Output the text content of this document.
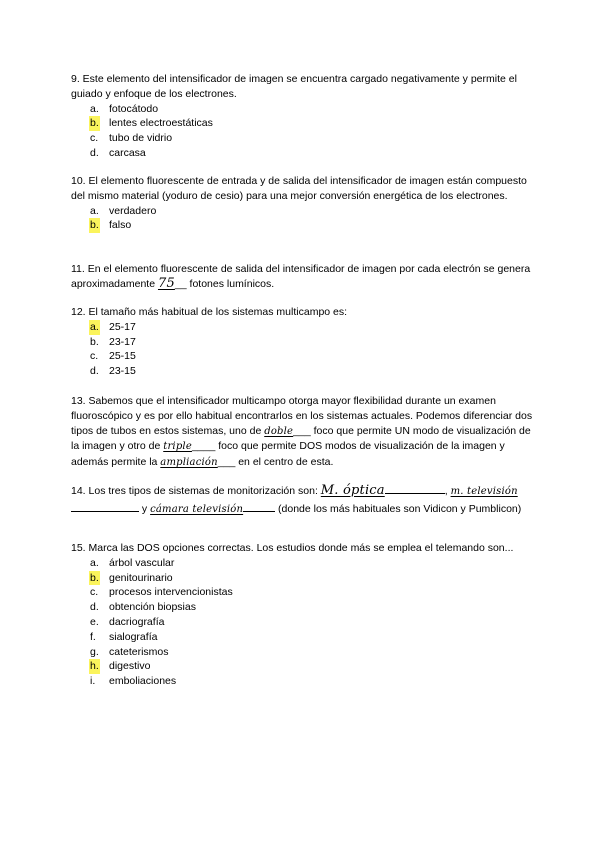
9. Este elemento del intensificador de imagen se encuentra cargado negativamente y permite el guiado y enfoque de los electrones.

a. fotocátodo
b. lentes electroestáticas
c. tubo de vidrio
d. carcasa

10. El elemento fluorescente de entrada y de salida del intensificador de imagen están compuesto del mismo material (yoduro de cesio) para una mejor conversión energética de los electrones.

a. verdadero
b. falso

11. En el elemento fluorescente de salida del intensificador de imagen por cada electrón se genera aproximadamente 75__ fotones lumínicos.

12. El tamaño más habitual de los sistemas multicampo es:

a. 25-17
b. 23-17
c. 25-15
d. 23-15

13. Sabemos que el intensificador multicampo otorga mayor flexibilidad durante un examen fluoroscópico y es por ello habitual encontrarlos en los sistemas actuales. Podemos diferenciar dos tipos de tubos en estos sistemas, uno de doble___ foco que permite UN modo de visualización de la imagen y otro de triple____ foco que permite DOS modos de visualización de la imagen y además permite la ampliación___ en el centro de esta.

14. Los tres tipos de sistemas de monitorización son: M. óptica	, m. televisión y cámara televisión	(donde los más habituales son Vidicon y Pumblicon)

15. Marca las DOS opciones correctas. Los estudios donde más se emplea el telemando son...

a. árbol vascular
b. genitourinario
c. procesos intervencionistas
d. obtención biopsias
e. dacriografía
f. sialografía
g. cateterismos
h. digestivo
i. emboliaciones
